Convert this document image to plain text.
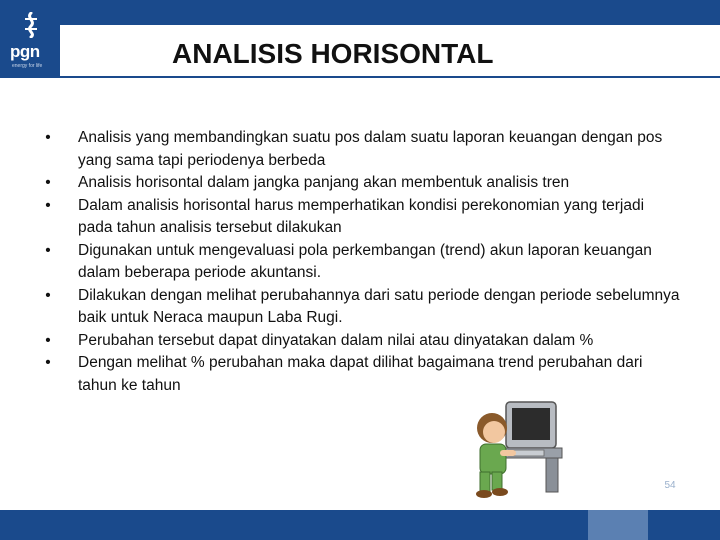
pgn
energy for life	ANALISIS HORISONTAL
• Analisis yang membandingkan suatu pos dalam suatu laporan keuangan dengan pos yang sama tapi periodenya berbeda
• Analisis horisontal dalam jangka panjang akan membentuk analisis tren
• Dalam analisis horisontal harus memperhatikan kondisi perekonomian yang terjadi pada tahun analisis tersebut dilakukan
• Digunakan untuk mengevaluasi pola perkembangan (trend) akun laporan keuangan dalam beberapa periode akuntansi.
• Dilakukan dengan melihat perubahannya dari satu periode dengan periode sebelumnya baik untuk Neraca maupun Laba Rugi.
• Perubahan tersebut dapat dinyatakan dalam nilai atau dinyatakan dalam %
• Dengan melihat % perubahan maka dapat dilihat bagaimana trend perubahan dari tahun ke tahun
54
